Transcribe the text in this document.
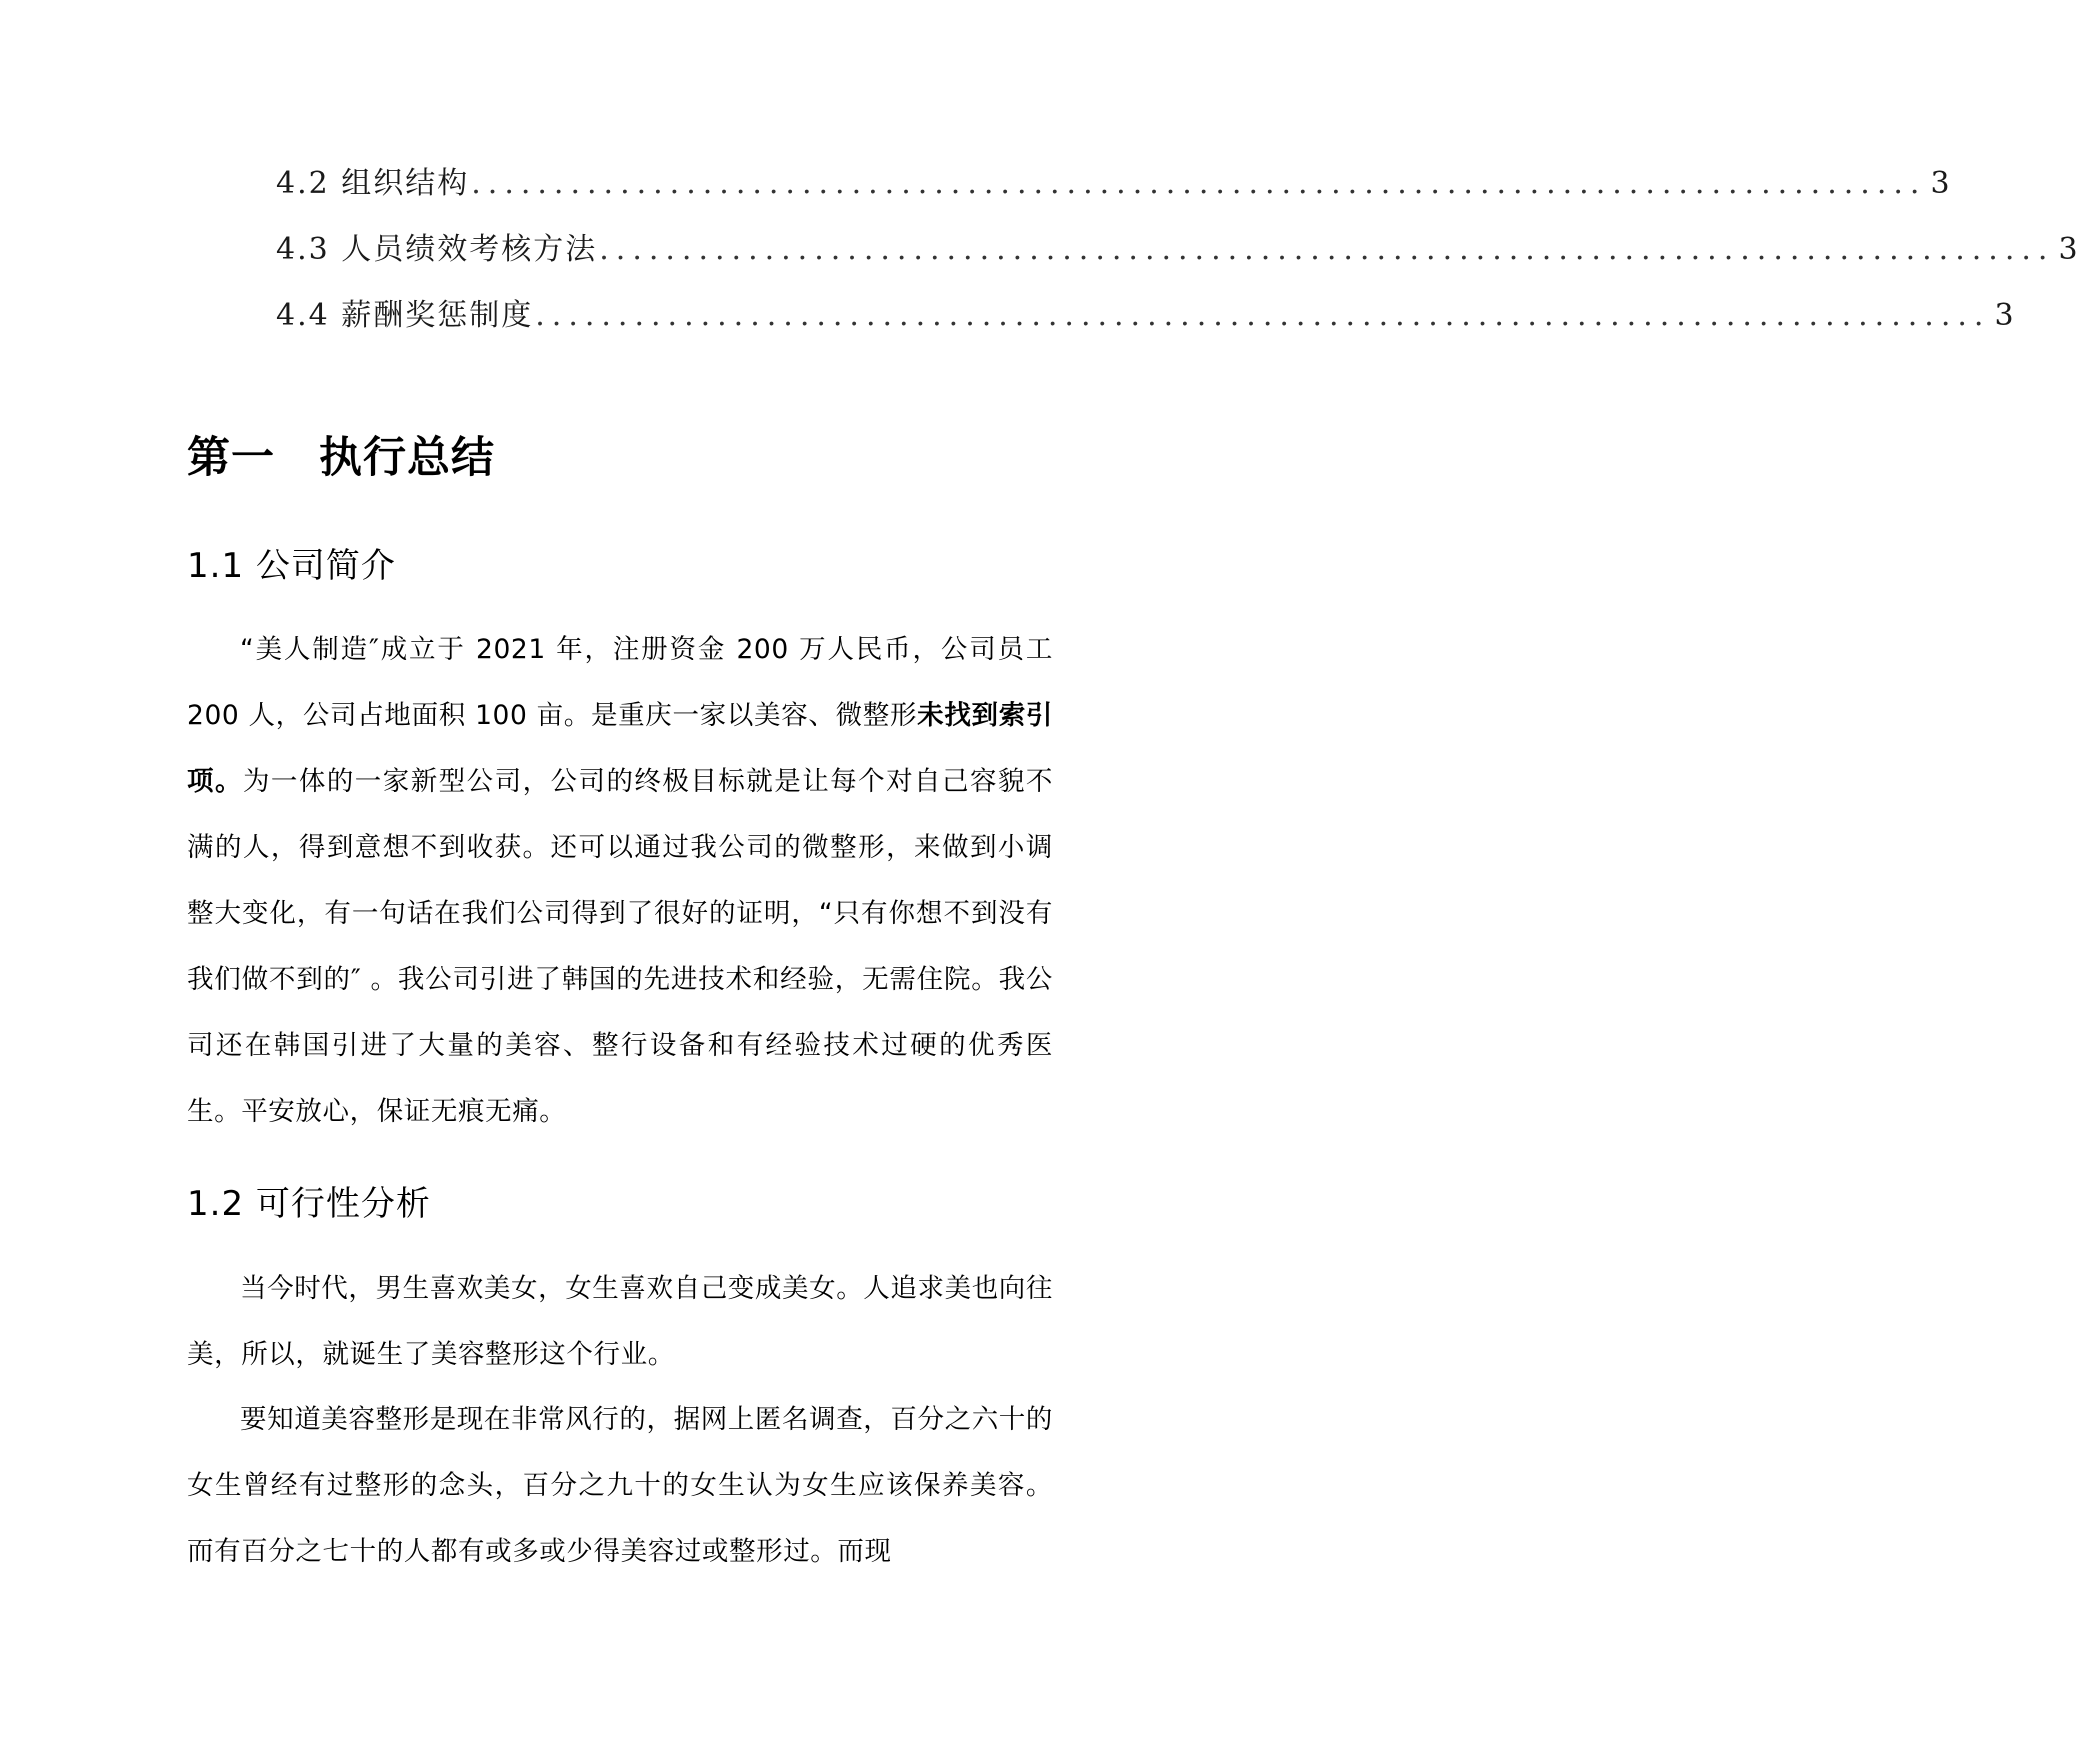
4.2 组织结构 ........................................................................................ 3
4.3 人员绩效考核方法 ........................................................................................ 3
4.4 薪酬奖惩制度 ........................................................................................ 3
第一 执行总结
1.1 公司简介

“美人制造″成立于 2021 年，注册资金 200 万人民币，公司员工 200 人，公司占地面积 100 亩。是重庆一家以美容、微整形未找到索引项。为一体的一家新型公司，公司的终极目标就是让每个对自己容貌不满的人，得到意想不到收获。还可以通过我公司的微整形，来做到小调整大变化，有一句话在我们公司得到了很好的证明，“只有你想不到没有我们做不到的″ 。我公司引进了韩国的先进技术和经验，无需住院。我公司还在韩国引进了大量的美容、整行设备和有经验技术过硬的优秀医生。平安放心，保证无痕无痛。

1.2 可行性分析

当今时代，男生喜欢美女，女生喜欢自己变成美女。人追求美也向往美，所以，就诞生了美容整形这个行业。

要知道美容整形是现在非常风行的，据网上匿名调查，百分之六十的女生曾经有过整形的念头，百分之九十的女生认为女生应该保养美容。而有百分之七十的人都有或多或少得美容过或整形过。而现
